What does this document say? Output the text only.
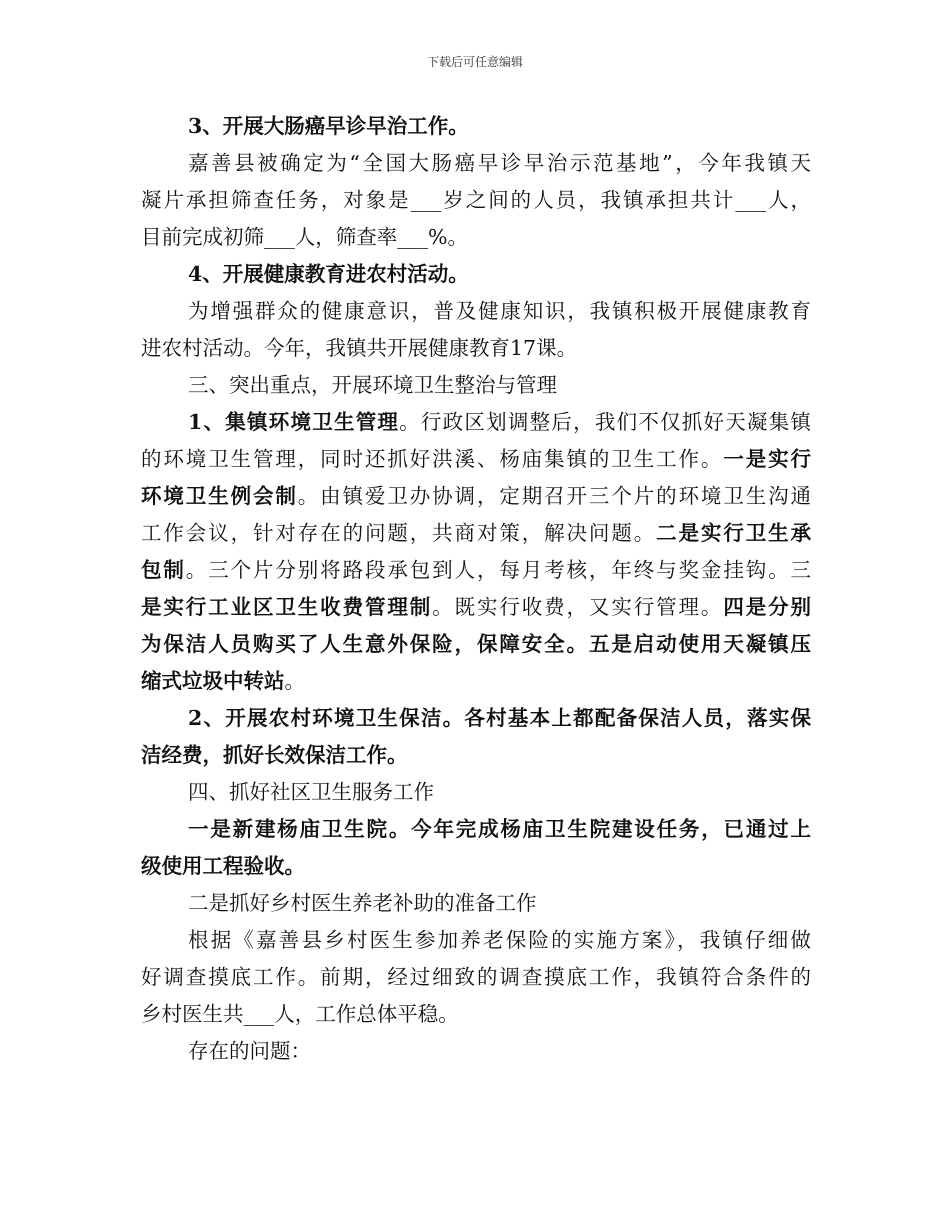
下载后可任意编辑
3、开展大肠癌早诊早治工作。
嘉善县被确定为“全国大肠癌早诊早治示范基地”，今年我镇天
凝片承担筛查任务，对象是___岁之间的人员，我镇承担共计___人，
目前完成初筛___人，筛查率___%。
4、开展健康教育进农村活动。
为增强群众的健康意识，普及健康知识，我镇积极开展健康教育
进农村活动。今年，我镇共开展健康教育17课。
三、突出重点，开展环境卫生整治与管理
1、集镇环境卫生管理。行政区划调整后，我们不仅抓好天凝集镇
的环境卫生管理，同时还抓好洪溪、杨庙集镇的卫生工作。一是实行
环境卫生例会制。由镇爱卫办协调，定期召开三个片的环境卫生沟通
工作会议，针对存在的问题，共商对策，解决问题。二是实行卫生承
包制。三个片分别将路段承包到人，每月考核，年终与奖金挂钩。三
是实行工业区卫生收费管理制。既实行收费，又实行管理。四是分别
为保洁人员购买了人生意外保险，保障安全。五是启动使用天凝镇压
缩式垃圾中转站。
2、开展农村环境卫生保洁。各村基本上都配备保洁人员，落实保
洁经费，抓好长效保洁工作。
四、抓好社区卫生服务工作
一是新建杨庙卫生院。今年完成杨庙卫生院建设任务，已通过上
级使用工程验收。
二是抓好乡村医生养老补助的准备工作
根据《嘉善县乡村医生参加养老保险的实施方案》，我镇仔细做
好调查摸底工作。前期，经过细致的调查摸底工作，我镇符合条件的
乡村医生共___人，工作总体平稳。
存在的问题：
